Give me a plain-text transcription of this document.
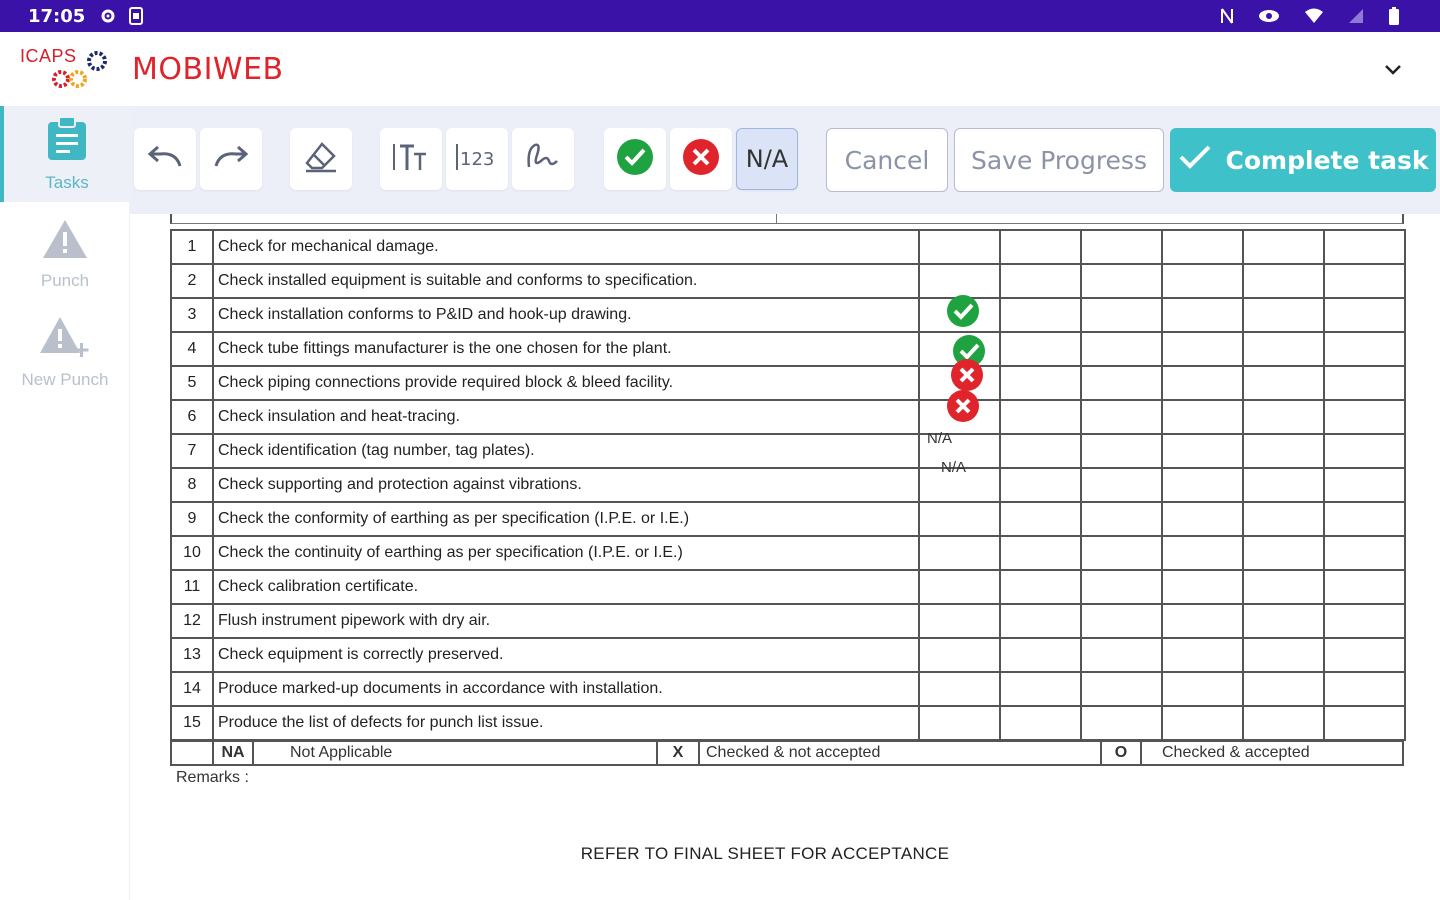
17:05
ICAPS MOBIWEB
Tasks
Punch
New Punch
123	N/A	Cancel	Save Progress	Complete task
1	Check for mechanical damage.						
2	Check installed equipment is suitable and conforms to specification.						
3	Check installation conforms to P&ID and hook-up drawing.						
4	Check tube fittings manufacturer is the one chosen for the plant.						
5	Check piping connections provide required block & bleed facility.						
6	Check insulation and heat-tracing.						
7	Check identification (tag number, tag plates).						
8	Check supporting and protection against vibrations.						
9	Check the conformity of earthing as per specification (I.P.E. or I.E.)						
10	Check the continuity of earthing as per specification (I.P.E. or I.E.)						
11	Check calibration certificate.						
12	Flush instrument pipework with dry air.						
13	Check equipment is correctly preserved.						
14	Produce marked-up documents in accordance with installation.						
15	Produce the list of defects for punch list issue.						
N/A
N/A
	NA	Not Applicable	X	Checked & not accepted	O	Checked & accepted
Remarks :
REFER TO FINAL SHEET FOR ACCEPTANCE
